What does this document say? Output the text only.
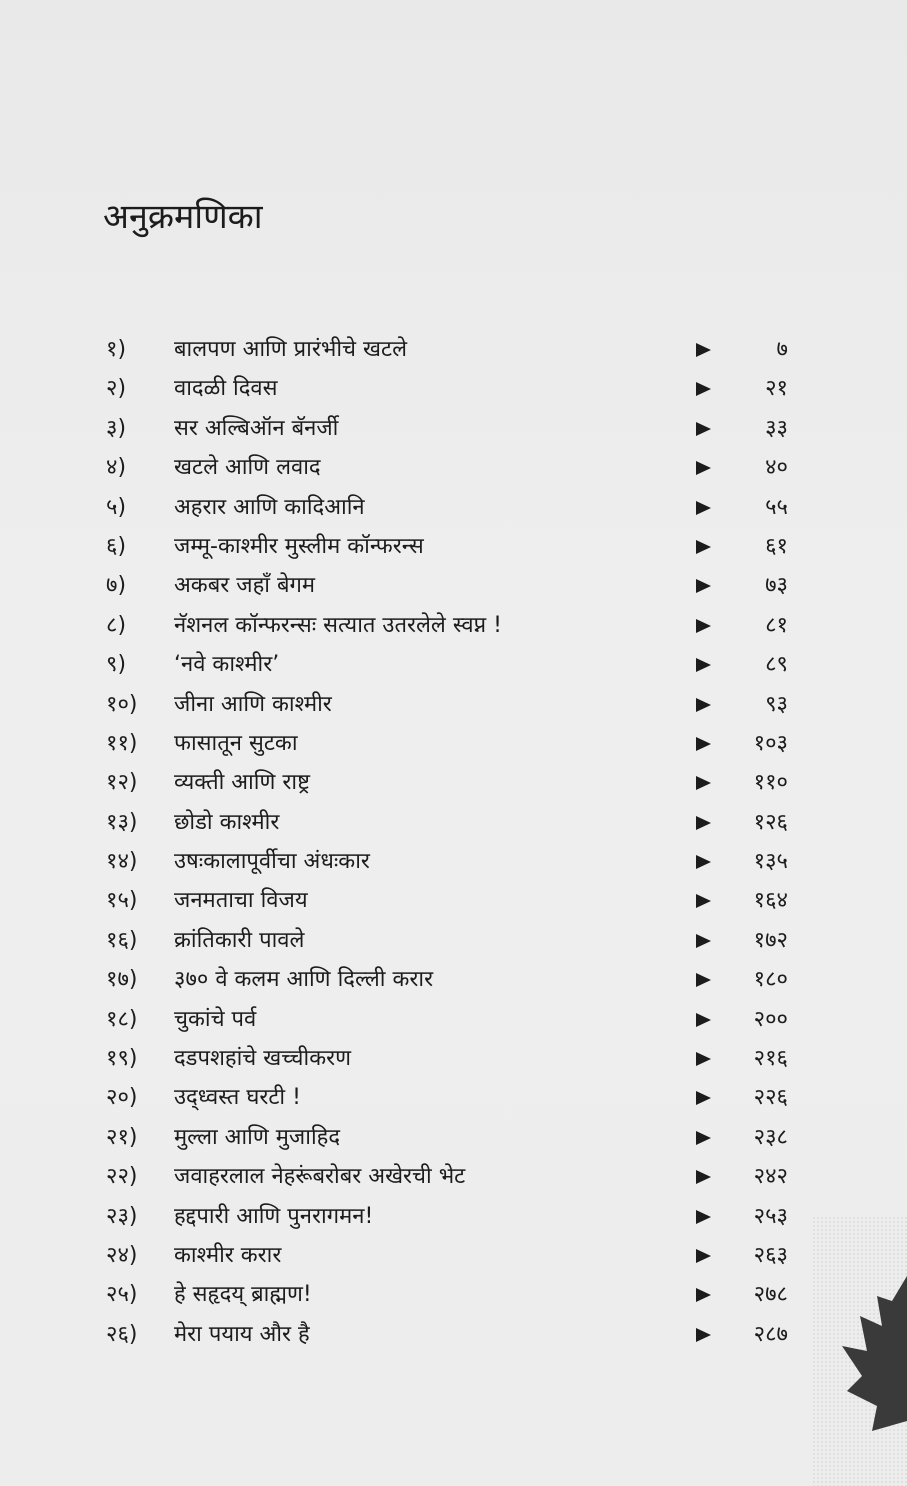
अनुक्रमणिका
१)	बालपण आणि प्रारंभीचे खटले	७
२)	वादळी दिवस	२१
३)	सर अल्बिऑन बॅनर्जी	३३
४)	खटले आणि लवाद	४०
५)	अहरार आणि कादिआनि	५५
६)	जम्मू-काश्मीर मुस्लीम कॉन्फरन्स	६१
७)	अकबर जहाँ बेगम	७३
८)	नॅशनल कॉन्फरन्सः सत्यात उतरलेले स्वप्न !	८१
९)	‘नवे काश्मीर’	८९
१०)	जीना आणि काश्मीर	९३
११)	फासातून सुटका	१०३
१२)	व्यक्ती आणि राष्ट्र	११०
१३)	छोडो काश्मीर	१२६
१४)	उषःकालापूर्वीचा अंधःकार	१३५
१५)	जनमताचा विजय	१६४
१६)	क्रांतिकारी पावले	१७२
१७)	३७० वे कलम आणि दिल्ली करार	१८०
१८)	चुकांचे पर्व	२००
१९)	दडपशहांचे खच्चीकरण	२१६
२०)	उद्ध्वस्त घरटी !	२२६
२१)	मुल्ला आणि मुजाहिद	२३८
२२)	जवाहरलाल नेहरूंबरोबर अखेरची भेट	२४२
२३)	हद्दपारी आणि पुनरागमन!	२५३
२४)	काश्मीर करार	२६३
२५)	हे सहृदय् ब्राह्मण!	२७८
२६)	मेरा पयाय और है	२८७
